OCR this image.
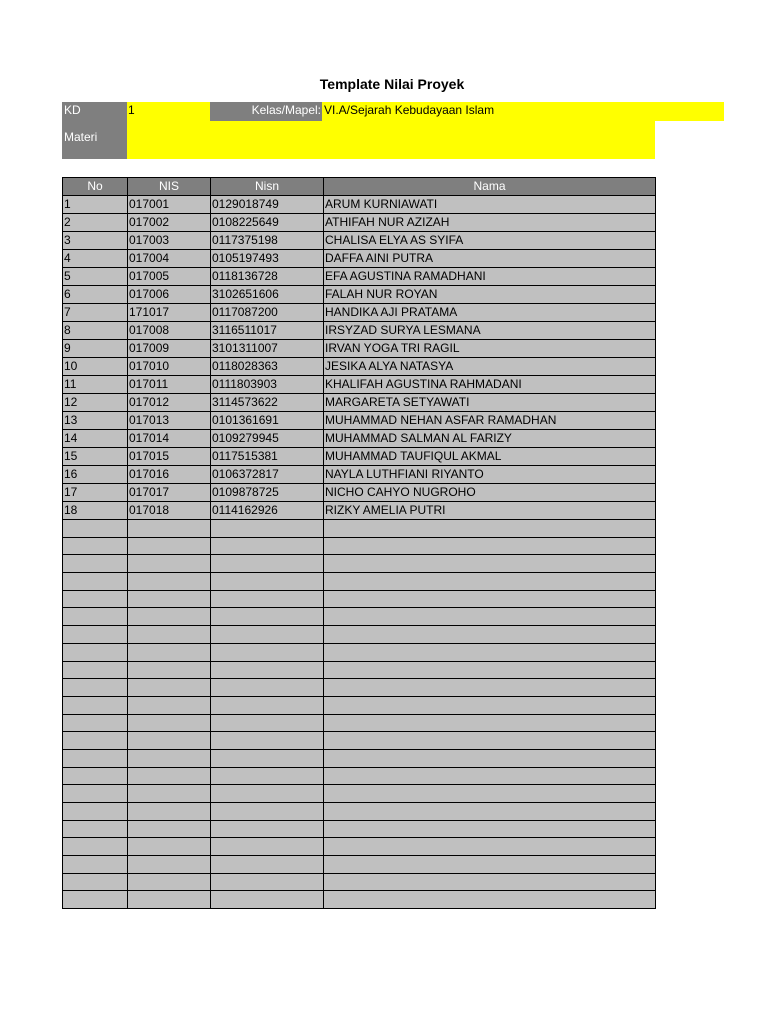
Template Nilai Proyek
KD	1	Kelas/Mapel: VI.A/Sejarah Kebudayaan Islam
Materi
No	NIS	Nisn	Nama
1	017001	0129018749	ARUM KURNIAWATI
2	017002	0108225649	ATHIFAH NUR AZIZAH
3	017003	0117375198	CHALISA ELYA AS SYIFA
4	017004	0105197493	DAFFA AINI PUTRA
5	017005	0118136728	EFA AGUSTINA RAMADHANI
6	017006	3102651606	FALAH NUR ROYAN
7	171017	0117087200	HANDIKA AJI PRATAMA
8	017008	3116511017	IRSYZAD SURYA LESMANA
9	017009	3101311007	IRVAN YOGA TRI RAGIL
10	017010	0118028363	JESIKA ALYA NATASYA
11	017011	0111803903	KHALIFAH AGUSTINA RAHMADANI
12	017012	3114573622	MARGARETA SETYAWATI
13	017013	0101361691	MUHAMMAD NEHAN ASFAR RAMADHAN
14	017014	0109279945	MUHAMMAD SALMAN AL FARIZY
15	017015	0117515381	MUHAMMAD TAUFIQUL AKMAL
16	017016	0106372817	NAYLA LUTHFIANI RIYANTO
17	017017	0109878725	NICHO CAHYO NUGROHO
18	017018	0114162926	RIZKY AMELIA PUTRI
